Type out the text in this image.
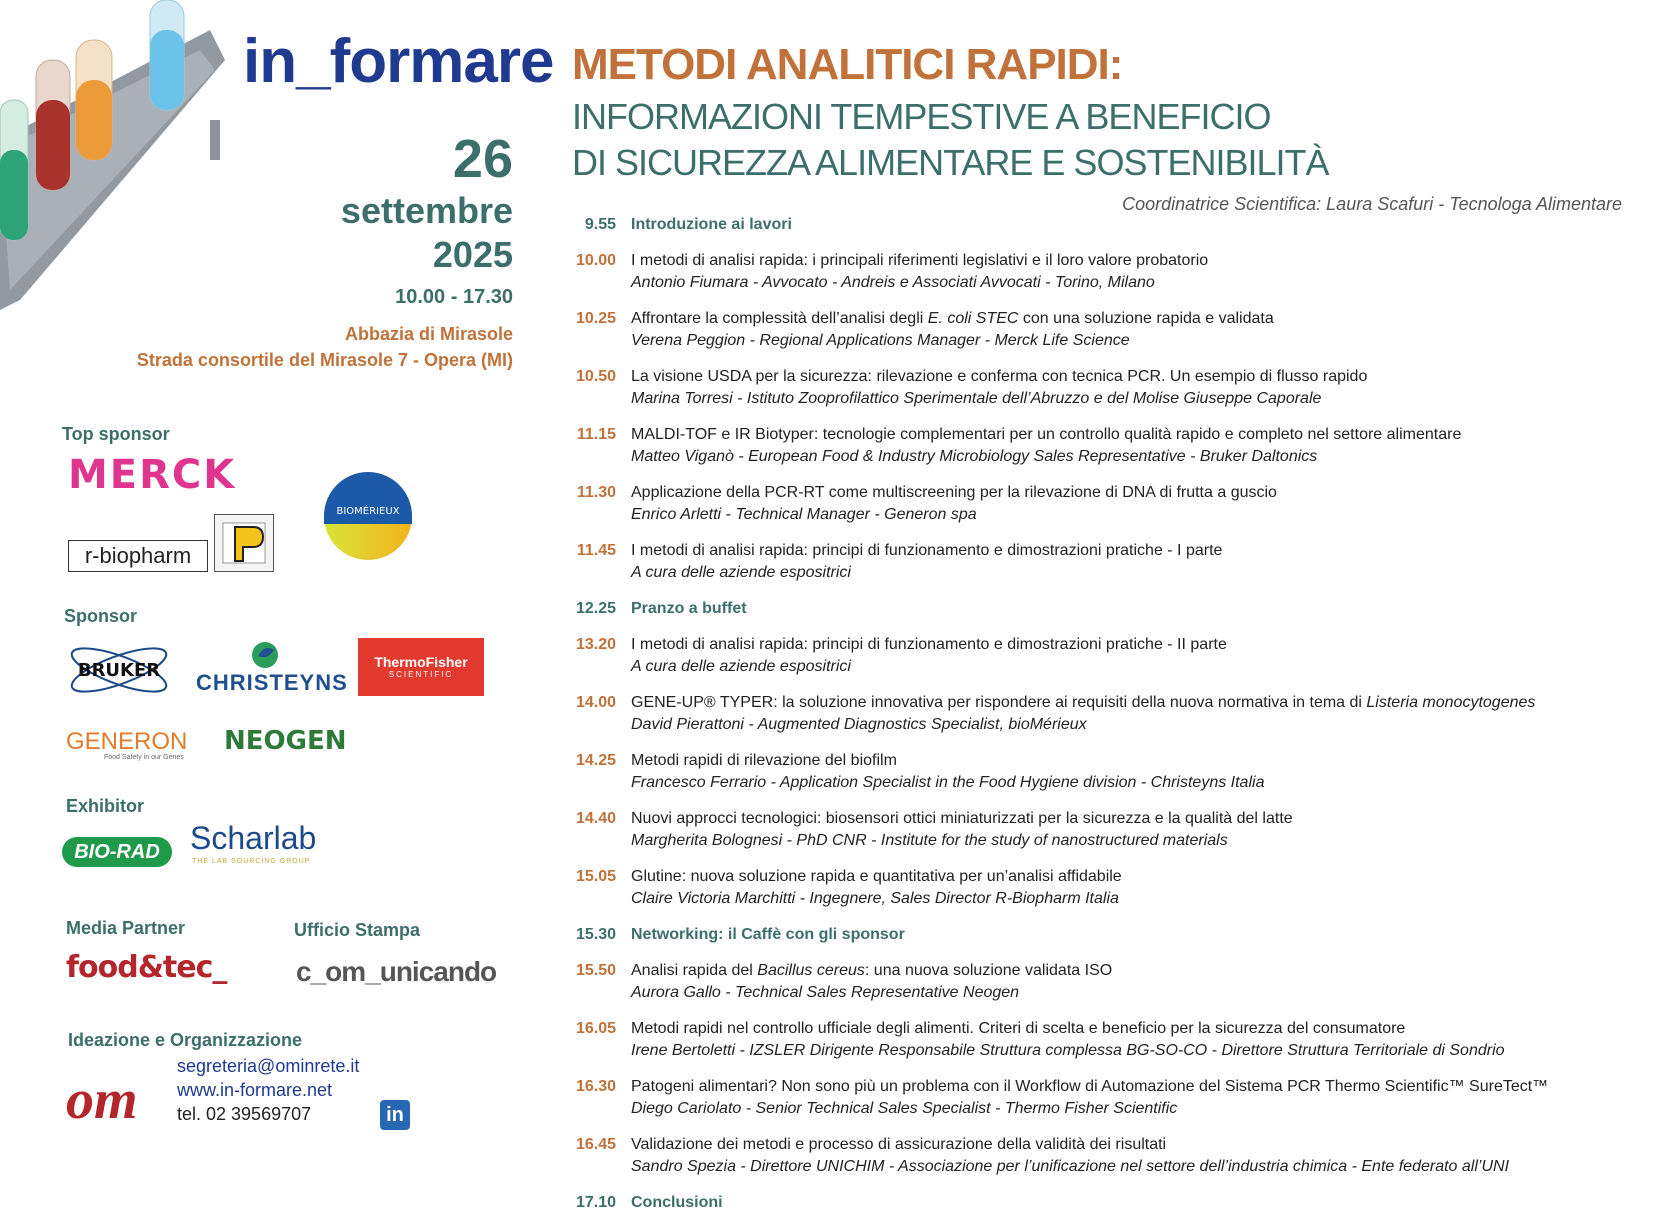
in_formare
26
settembre
2025
10.00 - 17.30
Abbazia di Mirasole
Strada consortile del Mirasole 7 - Opera (MI)
Top sponsor
MERCK
r-biopharm
BIOMÉRIEUX
Sponsor
BRUKER CHRISTEYNS
ThermoFisher
SCIENTIFIC
GENERON
Food Safety in our Genes
NEOGEN
Exhibitor
BIO-RAD Scharlab
THE LAB SOURCING GROUP
Media Partner	Ufficio Stampa
food&tec_ c_om_unicando
Ideazione e Organizzazione
om
segreteria@ominrete.it
www.in-formare.net
tel. 02 39569707	in
METODI ANALITICI RAPIDI:
INFORMAZIONI TEMPESTIVE A BENEFICIO
DI SICUREZZA ALIMENTARE E SOSTENIBILITÀ
Coordinatrice Scientifica: Laura Scafuri - Tecnologa Alimentare
9.55 Introduzione ai lavori
10.00 I metodi di analisi rapida: i principali riferimenti legislativi e il loro valore probatorio
Antonio Fiumara - Avvocato - Andreis e Associati Avvocati - Torino, Milano
10.25 Affrontare la complessità dell’analisi degli E. coli STEC con una soluzione rapida e validata
Verena Peggion - Regional Applications Manager - Merck Life Science
10.50 La visione USDA per la sicurezza: rilevazione e conferma con tecnica PCR. Un esempio di flusso rapido
Marina Torresi - Istituto Zooprofilattico Sperimentale dell’Abruzzo e del Molise Giuseppe Caporale
11.15 MALDI-TOF e IR Biotyper: tecnologie complementari per un controllo qualità rapido e completo nel settore alimentare
Matteo Viganò - European Food & Industry Microbiology Sales Representative - Bruker Daltonics
11.30 Applicazione della PCR-RT come multiscreening per la rilevazione di DNA di frutta a guscio
Enrico Arletti - Technical Manager - Generon spa
11.45 I metodi di analisi rapida: principi di funzionamento e dimostrazioni pratiche - I parte
A cura delle aziende espositrici
12.25 Pranzo a buffet
13.20 I metodi di analisi rapida: principi di funzionamento e dimostrazioni pratiche - II parte
A cura delle aziende espositrici
14.00 GENE-UP® TYPER: la soluzione innovativa per rispondere ai requisiti della nuova normativa in tema di Listeria monocytogenes
David Pierattoni - Augmented Diagnostics Specialist, bioMérieux
14.25 Metodi rapidi di rilevazione del biofilm
Francesco Ferrario - Application Specialist in the Food Hygiene division - Christeyns Italia
14.40 Nuovi approcci tecnologici: biosensori ottici miniaturizzati per la sicurezza e la qualità del latte
Margherita Bolognesi - PhD CNR - Institute for the study of nanostructured materials
15.05 Glutine: nuova soluzione rapida e quantitativa per un’analisi affidabile
Claire Victoria Marchitti - Ingegnere, Sales Director R-Biopharm Italia
15.30 Networking: il Caffè con gli sponsor
15.50 Analisi rapida del Bacillus cereus: una nuova soluzione validata ISO
Aurora Gallo - Technical Sales Representative Neogen
16.05 Metodi rapidi nel controllo ufficiale degli alimenti. Criteri di scelta e beneficio per la sicurezza del consumatore
Irene Bertoletti - IZSLER Dirigente Responsabile Struttura complessa BG-SO-CO - Direttore Struttura Territoriale di Sondrio
16.30 Patogeni alimentari? Non sono più un problema con il Workflow di Automazione del Sistema PCR Thermo Scientific™ SureTect™
Diego Cariolato - Senior Technical Sales Specialist - Thermo Fisher Scientific
16.45 Validazione dei metodi e processo di assicurazione della validità dei risultati
Sandro Spezia - Direttore UNICHIM - Associazione per l’unificazione nel settore dell’industria chimica - Ente federato all’UNI
17.10 Conclusioni
